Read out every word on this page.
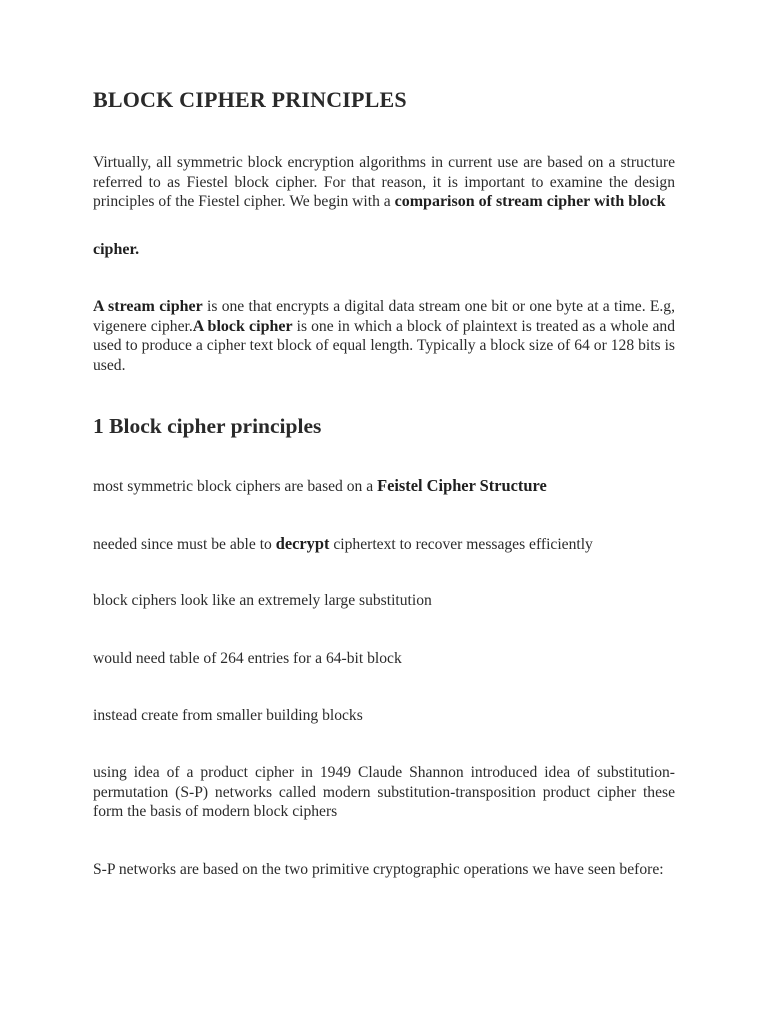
BLOCK CIPHER PRINCIPLES

Virtually, all symmetric block encryption algorithms in current use are based on a structure referred to as Fiestel block cipher. For that reason, it is important to examine the design principles of the Fiestel cipher. We begin with a comparison of stream cipher with block

cipher.

A stream cipher is one that encrypts a digital data stream one bit or one byte at a time. E.g, vigenere cipher.A block cipher is one in which a block of plaintext is treated as a whole and used to produce a cipher text block of equal length. Typically a block size of 64 or 128 bits is used.

1 Block cipher principles

most symmetric block ciphers are based on a Feistel Cipher Structure

needed since must be able to decrypt ciphertext to recover messages efficiently

block ciphers look like an extremely large substitution

would need table of 264 entries for a 64-bit block

instead create from smaller building blocks

using idea of a product cipher in 1949 Claude Shannon introduced idea of substitution-permutation (S-P) networks called modern substitution-transposition product cipher these form the basis of modern block ciphers

S-P networks are based on the two primitive cryptographic operations we have seen before:
